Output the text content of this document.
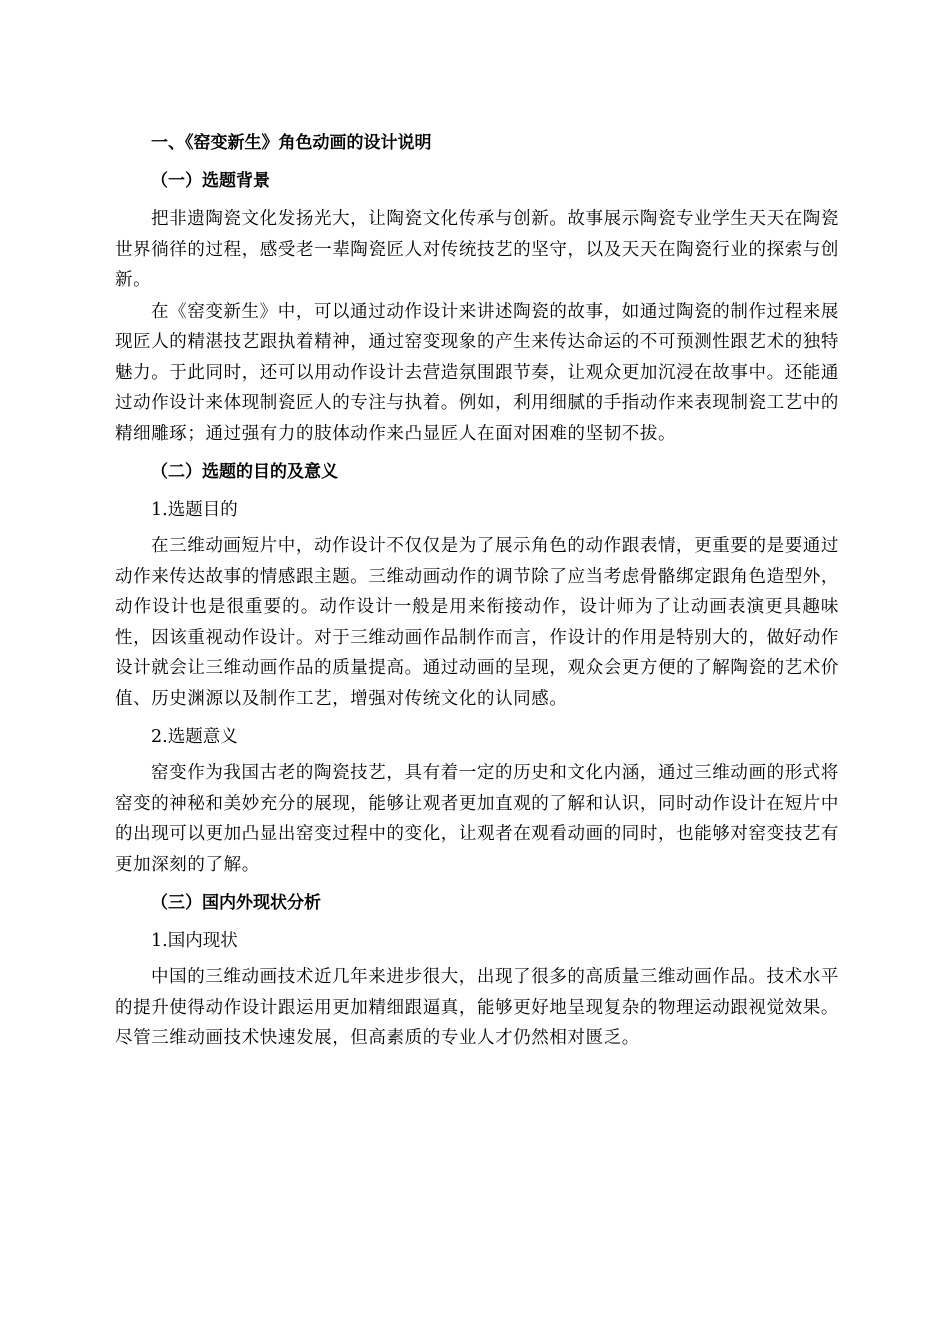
一、《窑变新生》角色动画的设计说明
（一）选题背景

把非遗陶瓷文化发扬光大，让陶瓷文化传承与创新。故事展示陶瓷专业学生天天在陶瓷世界徜徉的过程，感受老一辈陶瓷匠人对传统技艺的坚守，以及天天在陶瓷行业的探索与创新。

在《窑变新生》中，可以通过动作设计来讲述陶瓷的故事，如通过陶瓷的制作过程来展现匠人的精湛技艺跟执着精神，通过窑变现象的产生来传达命运的不可预测性跟艺术的独特魅力。于此同时，还可以用动作设计去营造氛围跟节奏，让观众更加沉浸在故事中。还能通过动作设计来体现制瓷匠人的专注与执着。例如，利用细腻的手指动作来表现制瓷工艺中的精细雕琢；通过强有力的肢体动作来凸显匠人在面对困难的坚韧不拔。

（二）选题的目的及意义
1.选题目的

在三维动画短片中，动作设计不仅仅是为了展示角色的动作跟表情，更重要的是要通过动作来传达故事的情感跟主题。三维动画动作的调节除了应当考虑骨骼绑定跟角色造型外，动作设计也是很重要的。动作设计一般是用来衔接动作，设计师为了让动画表演更具趣味性，因该重视动作设计。对于三维动画作品制作而言，作设计的作用是特别大的，做好动作设计就会让三维动画作品的质量提高。通过动画的呈现，观众会更方便的了解陶瓷的艺术价值、历史渊源以及制作工艺，增强对传统文化的认同感。

2.选题意义

窑变作为我国古老的陶瓷技艺，具有着一定的历史和文化内涵，通过三维动画的形式将窑变的神秘和美妙充分的展现，能够让观者更加直观的了解和认识，同时动作设计在短片中的出现可以更加凸显出窑变过程中的变化，让观者在观看动画的同时，也能够对窑变技艺有更加深刻的了解。

（三）国内外现状分析
1.国内现状

中国的三维动画技术近几年来进步很大，出现了很多的高质量三维动画作品。技术水平的提升使得动作设计跟运用更加精细跟逼真，能够更好地呈现复杂的物理运动跟视觉效果。尽管三维动画技术快速发展，但高素质的专业人才仍然相对匮乏。
